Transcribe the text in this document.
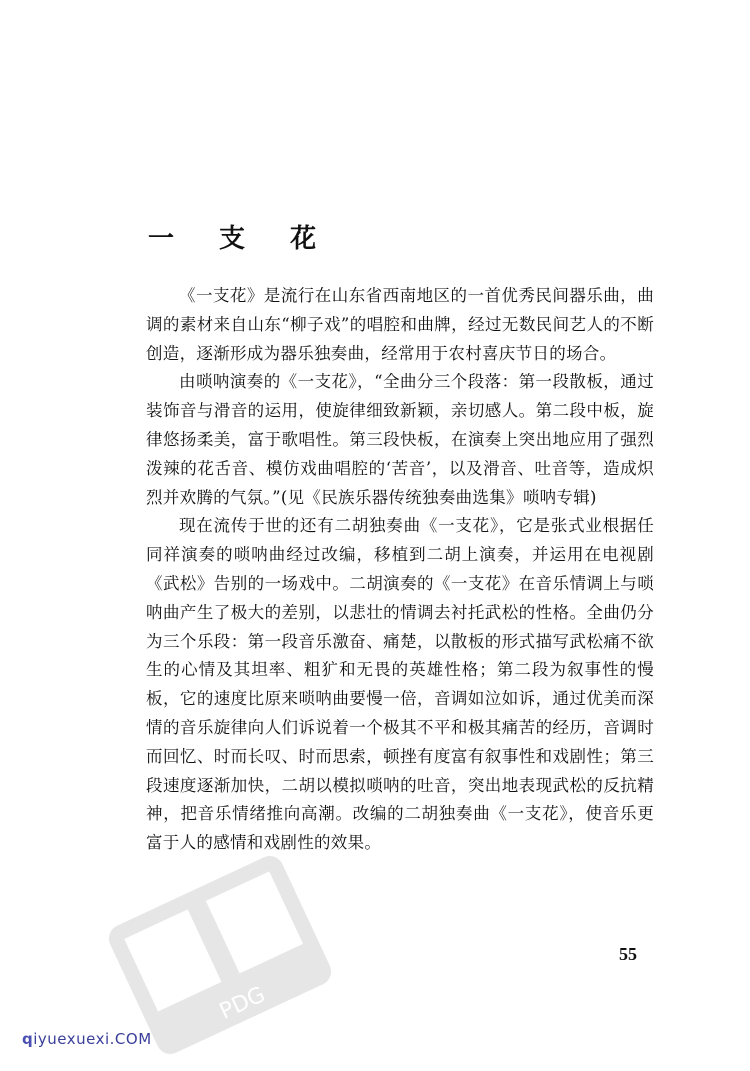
一 支 花

《一支花》是流行在山东省西南地区的一首优秀民间器乐曲，曲调的素材来自山东“柳子戏”的唱腔和曲牌，经过无数民间艺人的不断创造，逐渐形成为器乐独奏曲，经常用于农村喜庆节日的场合。

由唢呐演奏的《一支花》，“全曲分三个段落：第一段散板，通过装饰音与滑音的运用，使旋律细致新颖，亲切感人。第二段中板，旋律悠扬柔美，富于歌唱性。第三段快板，在演奏上突出地应用了强烈泼辣的花舌音、模仿戏曲唱腔的‘苦音’，以及滑音、吐音等，造成炽烈并欢腾的气氛。”(见《民族乐器传统独奏曲选集》唢呐专辑)

现在流传于世的还有二胡独奏曲《一支花》，它是张式业根据任同祥演奏的唢呐曲经过改编，移植到二胡上演奏，并运用在电视剧《武松》告别的一场戏中。二胡演奏的《一支花》在音乐情调上与唢呐曲产生了极大的差别，以悲壮的情调去衬托武松的性格。全曲仍分为三个乐段：第一段音乐激奋、痛楚，以散板的形式描写武松痛不欲生的心情及其坦率、粗犷和无畏的英雄性格；第二段为叙事性的慢板，它的速度比原来唢呐曲要慢一倍，音调如泣如诉，通过优美而深情的音乐旋律向人们诉说着一个极其不平和极其痛苦的经历，音调时而回忆、时而长叹、时而思索，顿挫有度富有叙事性和戏剧性；第三段速度逐渐加快，二胡以模拟唢呐的吐音，突出地表现武松的反抗精神，把音乐情绪推向高潮。改编的二胡独奏曲《一支花》，使音乐更富于人的感情和戏剧性的效果。

55
PDG
qiyuexuexi.COM
